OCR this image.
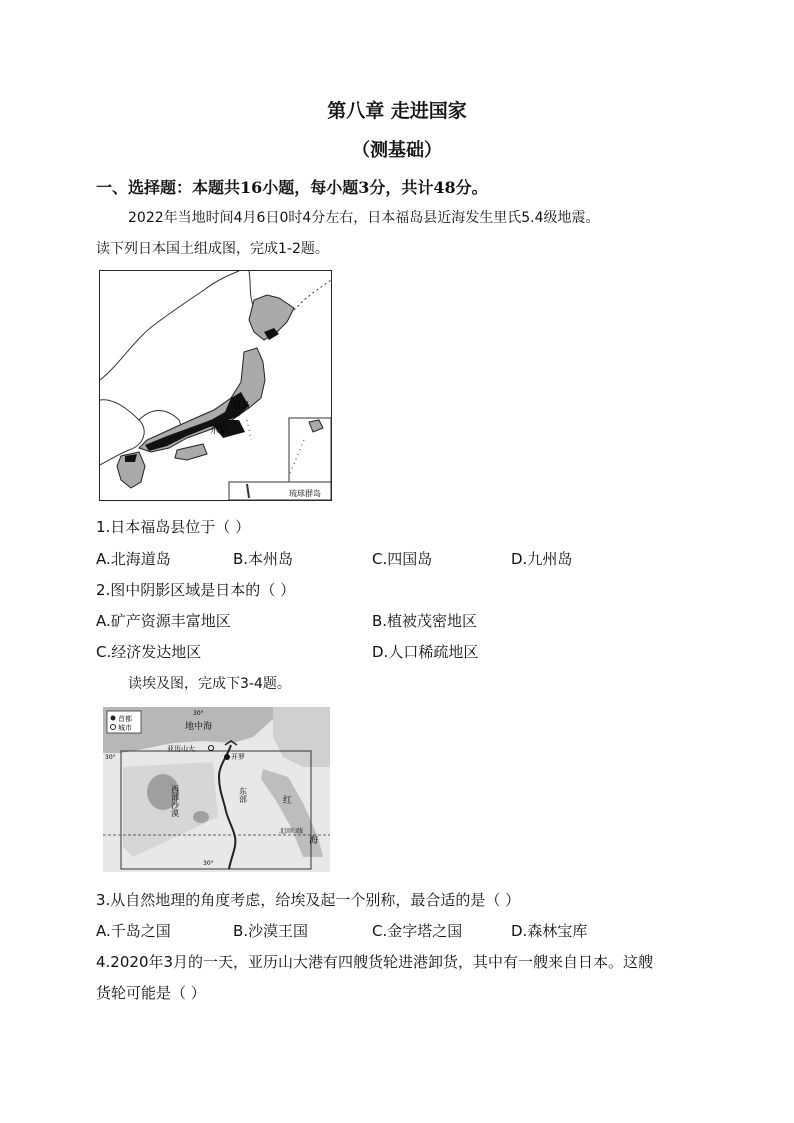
第八章 走进国家
（测基础）
一、选择题：本题共16小题，每小题3分，共计48分。
2022年当地时间4月6日0时4分左右，日本福岛县近海发生里氏5.4级地震。
读下列日本国土组成图，完成1-2题。
福岛
东京
琉球群岛
1.日本福岛县位于（ ）
A.北海道岛	B.本州岛	C.四国岛	D.九州岛
2.图中阴影区域是日本的（ ）
A.矿产资源丰富地区	B.植被茂密地区
C.经济发达地区	D.人口稀疏地区
读埃及图，完成下3-4题。
首都
城市	地中海
30°
30°
30°
亚历山大
开罗
西部沙漠	东部	红
海
北回归线
3.从自然地理的角度考虑，给埃及起一个别称，最合适的是（ ）
A.千岛之国	B.沙漠王国	C.金字塔之国	D.森林宝库
4.2020年3月的一天，亚历山大港有四艘货轮进港卸货，其中有一艘来自日本。这艘
货轮可能是（ ）
